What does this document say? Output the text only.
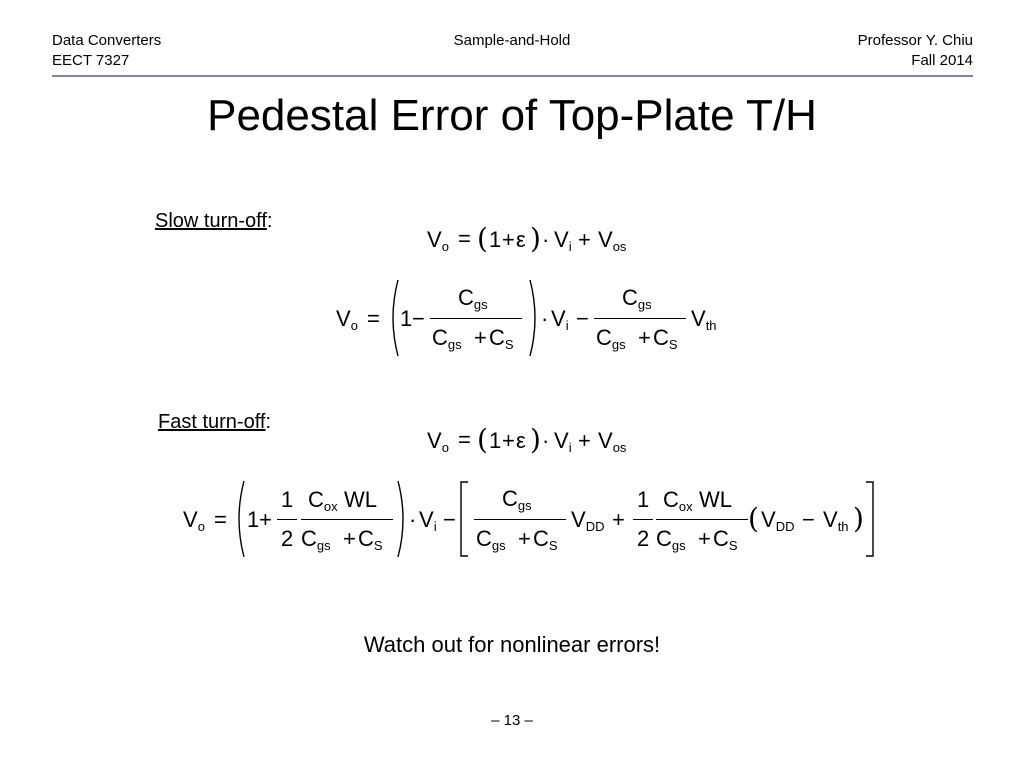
Data Converters
EECT 7327
Sample-and-Hold	Professor Y. Chiu
Fall 2014
Pedestal Error of Top-Plate T/H
Slow turn-off:
$V_o$ = ( 1 + ε ) · $V_i + V_{os}$
$V_o = 1$ −
$C_{gs}$
$C_{gs} + C_S$
· $V_i$ −
$C_{gs}$
$C_{gs} + C_S$
$V_{th}$
Fast turn-off:
$V_o$ = ( 1 + ε ) · $V_i + V_{os}$
$V_o = 1$ +
1
2
$C_{ox}$ WL
$C_{gs} + C_S$
· $V_i$ −
$C_{gs}$
$C_{gs} + C_S$
$V_{DD}$ +
1
2
$C_{ox}$ WL
$C_{gs} + C_S$
( $V_{DD} - V_{th}$ )
Watch out for nonlinear errors!
– 13 –
